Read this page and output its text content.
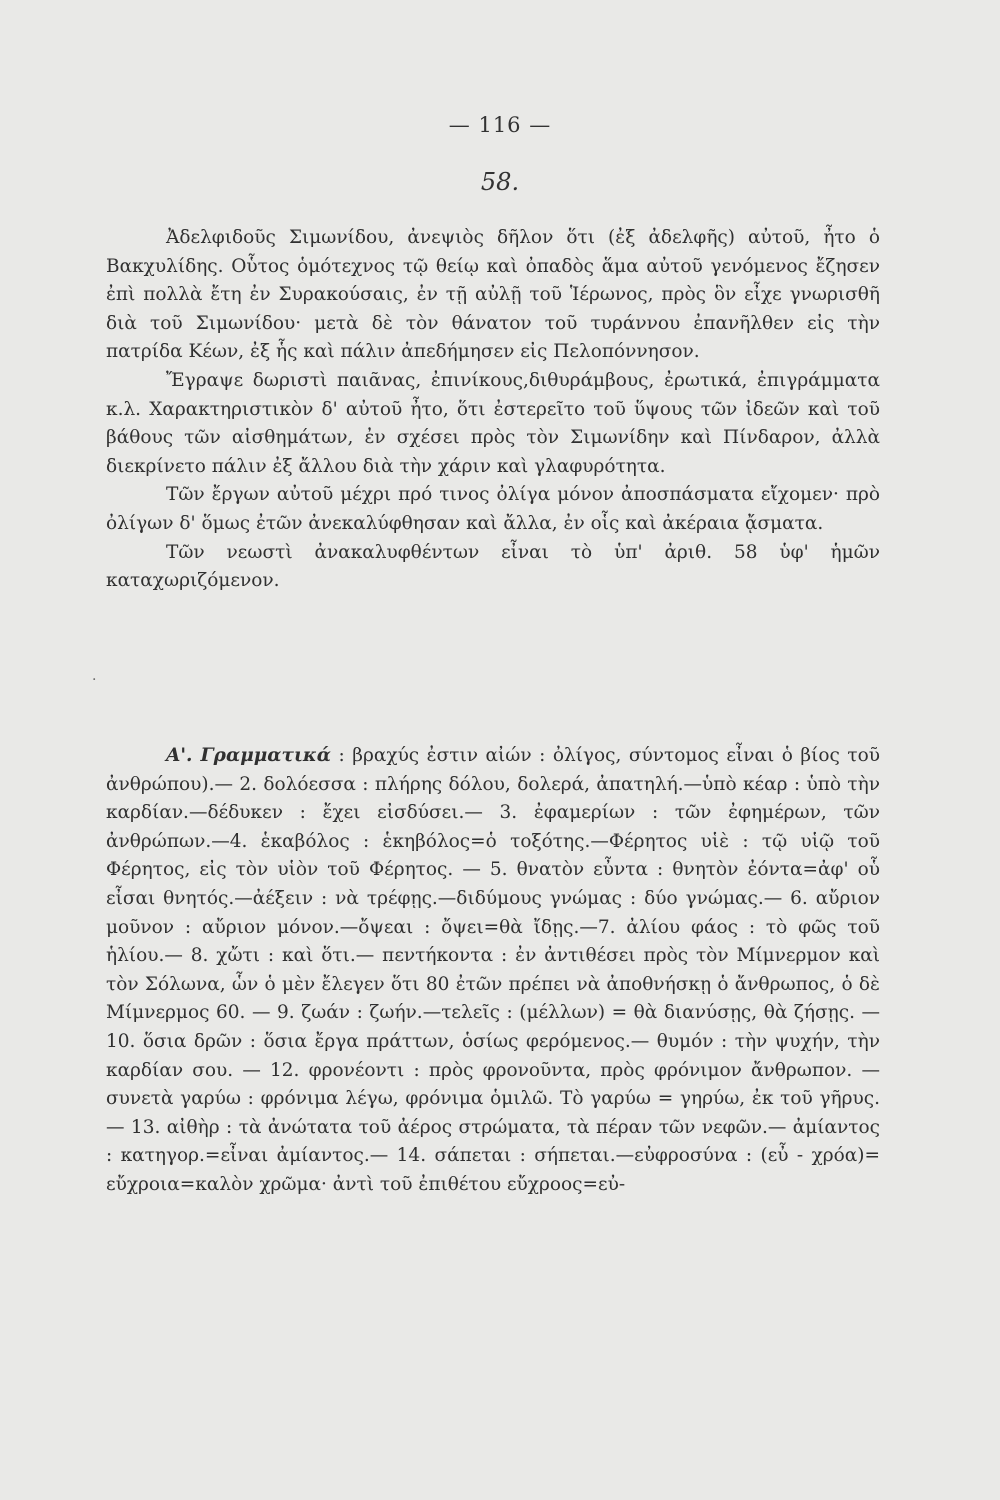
— 116 —
58.

Ἀδελφιδοῦς Σιμωνίδου, ἀνεψιὸς δῆλον ὅτι (ἐξ ἀδελφῆς) αὐτοῦ, ἦτο ὁ Βακχυλίδης. Οὗτος ὁμότεχνος τῷ θείῳ καὶ ὀπαδὸς ἅμα αὐτοῦ γενόμενος ἔζησεν ἐπὶ πολλὰ ἔτη ἐν Συρακούσαις, ἐν τῇ αὐλῇ τοῦ Ἱέρωνος, πρὸς ὃν εἶχε γνωρισθῆ διὰ τοῦ Σιμωνίδου· μετὰ δὲ τὸν θάνατον τοῦ τυράννου ἐπανῆλθεν εἰς τὴν πατρίδα Κέων, ἐξ ἧς καὶ πάλιν ἀπεδήμησεν εἰς Πελοπόννησον.

Ἔγραψε δωριστὶ παιᾶνας, ἐπινίκους,διθυράμβους, ἐρωτικά, ἐπιγράμματα κ.λ. Χαρακτηριστικὸν δ' αὐτοῦ ἦτο, ὅτι ἐστερεῖτο τοῦ ὕψους τῶν ἰδεῶν καὶ τοῦ βάθους τῶν αἰσθημάτων, ἐν σχέσει πρὸς τὸν Σιμωνίδην καὶ Πίνδαρον, ἀλλὰ διεκρίνετο πάλιν ἐξ ἄλλου διὰ τὴν χάριν καὶ γλαφυρότητα.

Τῶν ἔργων αὐτοῦ μέχρι πρό τινος ὀλίγα μόνον ἀποσπάσματα εἴχομεν· πρὸ ὀλίγων δ' ὅμως ἐτῶν ἀνεκαλύφθησαν καὶ ἄλλα, ἐν οἷς καὶ ἀκέραια ᾄσματα.

Τῶν νεωστὶ ἀνακαλυφθέντων εἶναι τὸ ὑπ' ἀριθ. 58 ὑφ' ἡμῶν καταχωριζόμενον.

Α'. Γραμματικά : βραχύς ἐστιν αἰών : ὀλίγος, σύντομος εἶναι ὁ βίος τοῦ ἀνθρώπου).— 2. δολόεσσα : πλήρης δόλου, δολερά, ἀπατηλή.—ὑπὸ κέαρ : ὑπὸ τὴν καρδίαν.—δέδυκεν : ἔχει εἰσδύσει.— 3. ἐφαμερίων : τῶν ἐφημέρων, τῶν ἀνθρώπων.—4. ἑκαβόλος : ἑκηβόλος=ὁ τοξότης.—Φέρητος υἱὲ : τῷ υἱῷ τοῦ Φέρητος, εἰς τὸν υἱὸν τοῦ Φέρητος. — 5. θνατὸν εὖντα : θνητὸν ἐόντα=ἀφ' οὗ εἶσαι θνητός.—ἀέξειν : νὰ τρέφῃς.—διδύμους γνώμας : δύο γνώμας.— 6. αὔριον μοῦνον : αὔριον μόνον.—ὄψεαι : ὄψει=θὰ ἴδῃς.—7. ἀλίου φάος : τὸ φῶς τοῦ ἡλίου.— 8. χὤτι : καὶ ὅτι.— πεντήκοντα : ἐν ἀντιθέσει πρὸς τὸν Μίμνερμον καὶ τὸν Σόλωνα, ὧν ὁ μὲν ἔλεγεν ὅτι 80 ἐτῶν πρέπει νὰ ἀποθνήσκῃ ὁ ἄνθρωπος, ὁ δὲ Μίμνερμος 60. — 9. ζωάν : ζωήν.—τελεῖς : (μέλλων) = θὰ διανύσῃς, θὰ ζήσῃς. — 10. ὅσια δρῶν : ὅσια ἔργα πράττων, ὁσίως φερόμενος.— θυμόν : τὴν ψυχήν, τὴν καρδίαν σου. — 12. φρονέοντι : πρὸς φρονοῦντα, πρὸς φρόνιμον ἄνθρωπον. — συνετὰ γαρύω : φρόνιμα λέγω, φρόνιμα ὁμιλῶ. Τὸ γαρύω = γηρύω, ἐκ τοῦ γῆρυς. — 13. αἰθὴρ : τὰ ἀνώτατα τοῦ ἀέρος στρώματα, τὰ πέραν τῶν νεφῶν.— ἀμίαντος : κατηγορ.=εἶναι ἀμίαντος.— 14. σάπεται : σήπεται.—εὐφροσύνα : (εὖ - χρόα)= εὔχροια=καλὸν χρῶμα· ἀντὶ τοῦ ἐπιθέτου εὔχροος=εὐ-

·
